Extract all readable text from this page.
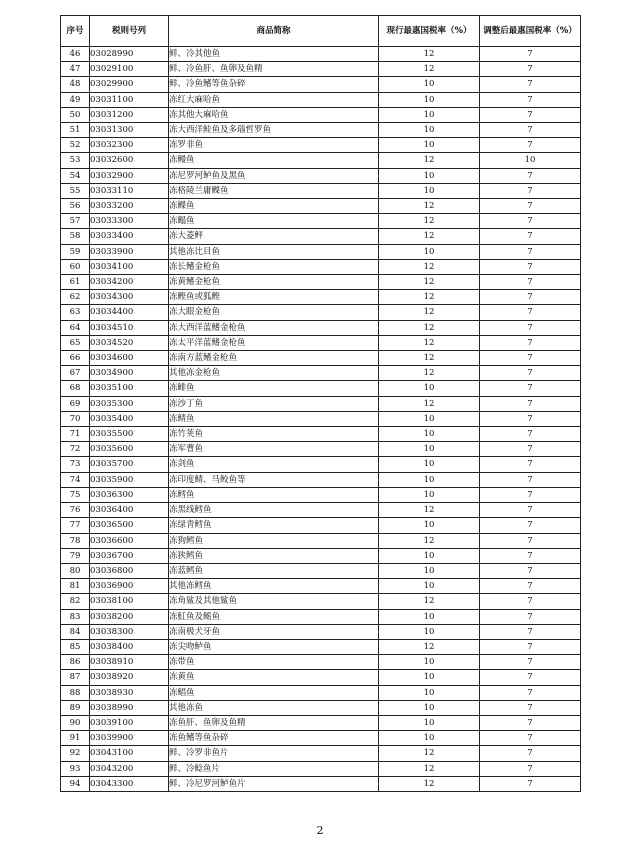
序号	税则号列	商品简称	现行最惠国税率（%）	调整后最惠国税率（%）
46	03028990	鲜、冷其他鱼	12	7
47	03029100	鲜、冷鱼肝、鱼卵及鱼精	12	7
48	03029900	鲜、冷鱼鳍等鱼杂碎	10	7
49	03031100	冻红大麻哈鱼	10	7
50	03031200	冻其他大麻哈鱼	10	7
51	03031300	冻大西洋鲑鱼及多瑙哲罗鱼	10	7
52	03032300	冻罗非鱼	10	7
53	03032600	冻鳗鱼	12	10
54	03032900	冻尼罗河鲈鱼及黑鱼	10	7
55	03033110	冻格陵兰庸鲽鱼	10	7
56	03033200	冻鲽鱼	12	7
57	03033300	冻鳎鱼	12	7
58	03033400	冻大菱鲆	12	7
59	03033900	其他冻比目鱼	10	7
60	03034100	冻长鳍金枪鱼	12	7
61	03034200	冻黄鳍金枪鱼	12	7
62	03034300	冻鲣鱼或狐鲣	12	7
63	03034400	冻大眼金枪鱼	12	7
64	03034510	冻大西洋蓝鳍金枪鱼	12	7
65	03034520	冻太平洋蓝鳍金枪鱼	12	7
66	03034600	冻南方蓝鳍金枪鱼	12	7
67	03034900	其他冻金枪鱼	12	7
68	03035100	冻鲱鱼	10	7
69	03035300	冻沙丁鱼	12	7
70	03035400	冻鲭鱼	10	7
71	03035500	冻竹荚鱼	10	7
72	03035600	冻军曹鱼	10	7
73	03035700	冻剑鱼	10	7
74	03035900	冻印度鲭、马鲛鱼等	10	7
75	03036300	冻鳕鱼	10	7
76	03036400	冻黑线鳕鱼	12	7
77	03036500	冻绿青鳕鱼	10	7
78	03036600	冻狗鳕鱼	12	7
79	03036700	冻狭鳕鱼	10	7
80	03036800	冻蓝鳕鱼	10	7
81	03036900	其他冻鳕鱼	10	7
82	03038100	冻角鲨及其他鲨鱼	12	7
83	03038200	冻魟鱼及鳐鱼	10	7
84	03038300	冻南极犬牙鱼	10	7
85	03038400	冻尖吻鲈鱼	12	7
86	03038910	冻带鱼	10	7
87	03038920	冻黄鱼	10	7
88	03038930	冻鲳鱼	10	7
89	03038990	其他冻鱼	10	7
90	03039100	冻鱼肝、鱼卵及鱼精	10	7
91	03039900	冻鱼鳍等鱼杂碎	10	7
92	03043100	鲜、冷罗非鱼片	12	7
93	03043200	鲜、冷鲶鱼片	12	7
94	03043300	鲜、冷尼罗河鲈鱼片	12	7
2
